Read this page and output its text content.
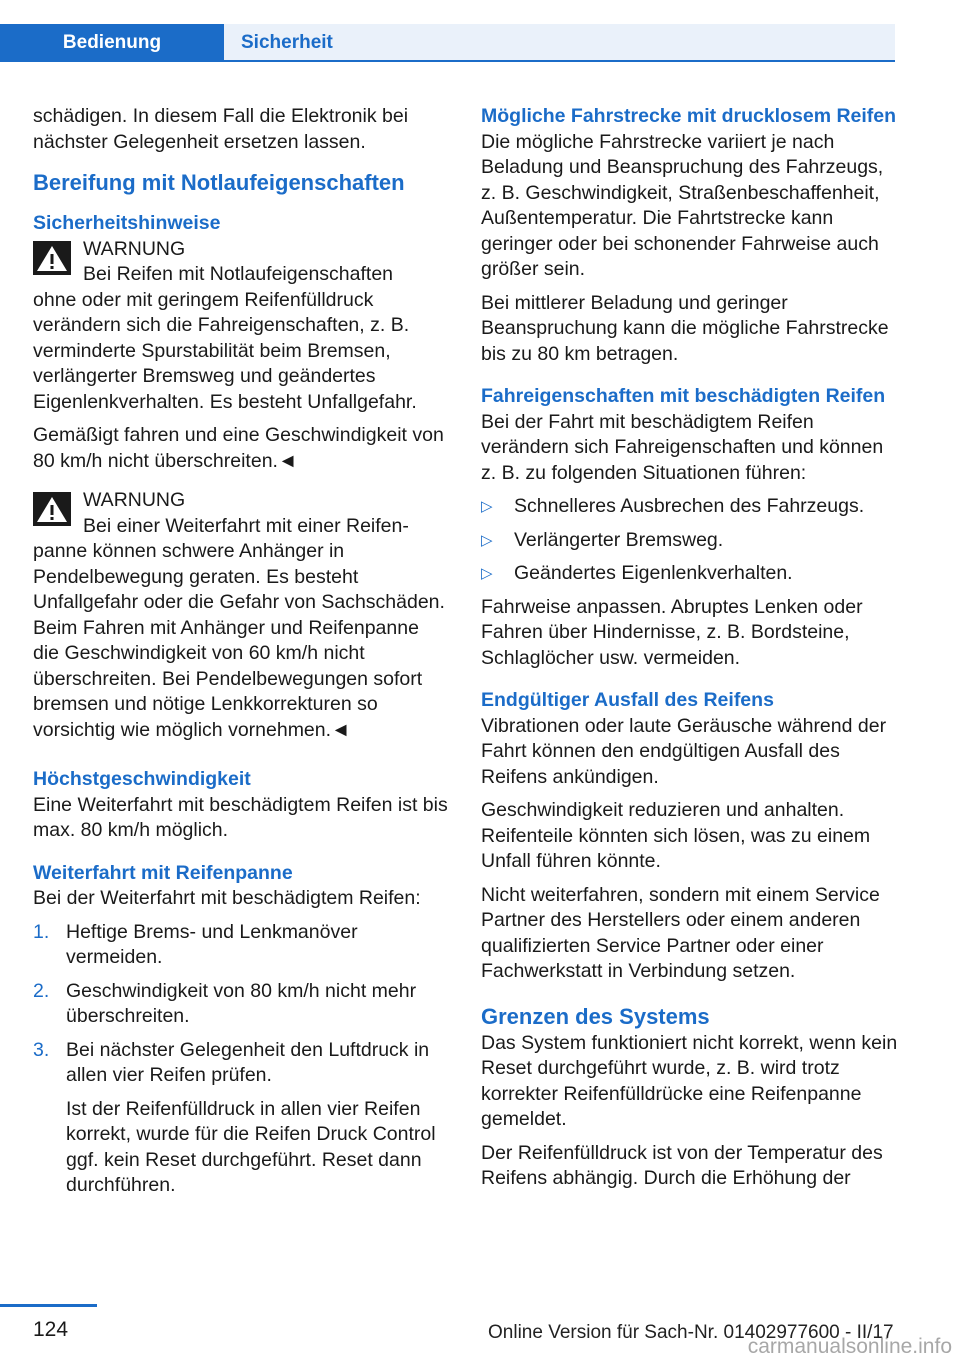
Bedienung	Sicherheit

schädigen. In diesem Fall die Elektronik bei nächster Gelegenheit ersetzen lassen.

Bereifung mit Notlaufeigenschaften
Sicherheitshinweise
WARNUNG
Bei Reifen mit Notlaufeigenschaften
ohne oder mit geringem Reifenfülldruck verändern sich die Fahreigenschaften, z. B. verminderte Spurstabilität beim Bremsen, verlängerter Bremsweg und geändertes Eigenlenkverhalten. Es besteht Unfallgefahr.

Gemäßigt fahren und eine Geschwindigkeit von 80 km/h nicht überschreiten.◄

WARNUNG
Bei einer Weiterfahrt mit einer Reifen-
panne können schwere Anhänger in Pendelbewegung geraten. Es besteht Unfallgefahr oder die Gefahr von Sachschäden. Beim Fahren mit Anhänger und Reifenpanne die Geschwindigkeit von 60 km/h nicht überschreiten. Bei Pendelbewegungen sofort bremsen und nötige Lenkkorrekturen so vorsichtig wie möglich vornehmen.◄
Höchstgeschwindigkeit

Eine Weiterfahrt mit beschädigtem Reifen ist bis max. 80 km/h möglich.

Weiterfahrt mit Reifenpanne

Bei der Weiterfahrt mit beschädigtem Reifen:

1. Heftige Brems- und Lenkmanöver vermeiden.
2. Geschwindigkeit von 80 km/h nicht mehr überschreiten.
3. Bei nächster Gelegenheit den Luftdruck in allen vier Reifen prüfen.
Ist der Reifenfülldruck in allen vier Reifen korrekt, wurde für die Reifen Druck Control ggf. kein Reset durchgeführt. Reset dann durchführen.
Mögliche Fahrstrecke mit drucklosem Reifen

Die mögliche Fahrstrecke variiert je nach Beladung und Beanspruchung des Fahrzeugs, z. B. Geschwindigkeit, Straßenbeschaffenheit, Außentemperatur. Die Fahrtstrecke kann geringer oder bei schonender Fahrweise auch größer sein.

Bei mittlerer Beladung und geringer Beanspruchung kann die mögliche Fahrstrecke bis zu 80 km betragen.

Fahreigenschaften mit beschädigten Reifen

Bei der Fahrt mit beschädigtem Reifen verändern sich Fahreigenschaften und können z. B. zu folgenden Situationen führen:

▷ Schnelleres Ausbrechen des Fahrzeugs.
▷ Verlängerter Bremsweg.
▷ Geändertes Eigenlenkverhalten.

Fahrweise anpassen. Abruptes Lenken oder Fahren über Hindernisse, z. B. Bordsteine, Schlaglöcher usw. vermeiden.

Endgültiger Ausfall des Reifens

Vibrationen oder laute Geräusche während der Fahrt können den endgültigen Ausfall des Reifens ankündigen.

Geschwindigkeit reduzieren und anhalten. Reifenteile könnten sich lösen, was zu einem Unfall führen könnte.

Nicht weiterfahren, sondern mit einem Service Partner des Herstellers oder einem anderen qualifizierten Service Partner oder einer Fachwerkstatt in Verbindung setzen.

Grenzen des Systems

Das System funktioniert nicht korrekt, wenn kein Reset durchgeführt wurde, z. B. wird trotz korrekter Reifenfülldrücke eine Reifenpanne gemeldet.

Der Reifenfülldruck ist von der Temperatur des Reifens abhängig. Durch die Erhöhung der

124	Online Version für Sach-Nr. 01402977600 - II/17
carmanualsonline.info
